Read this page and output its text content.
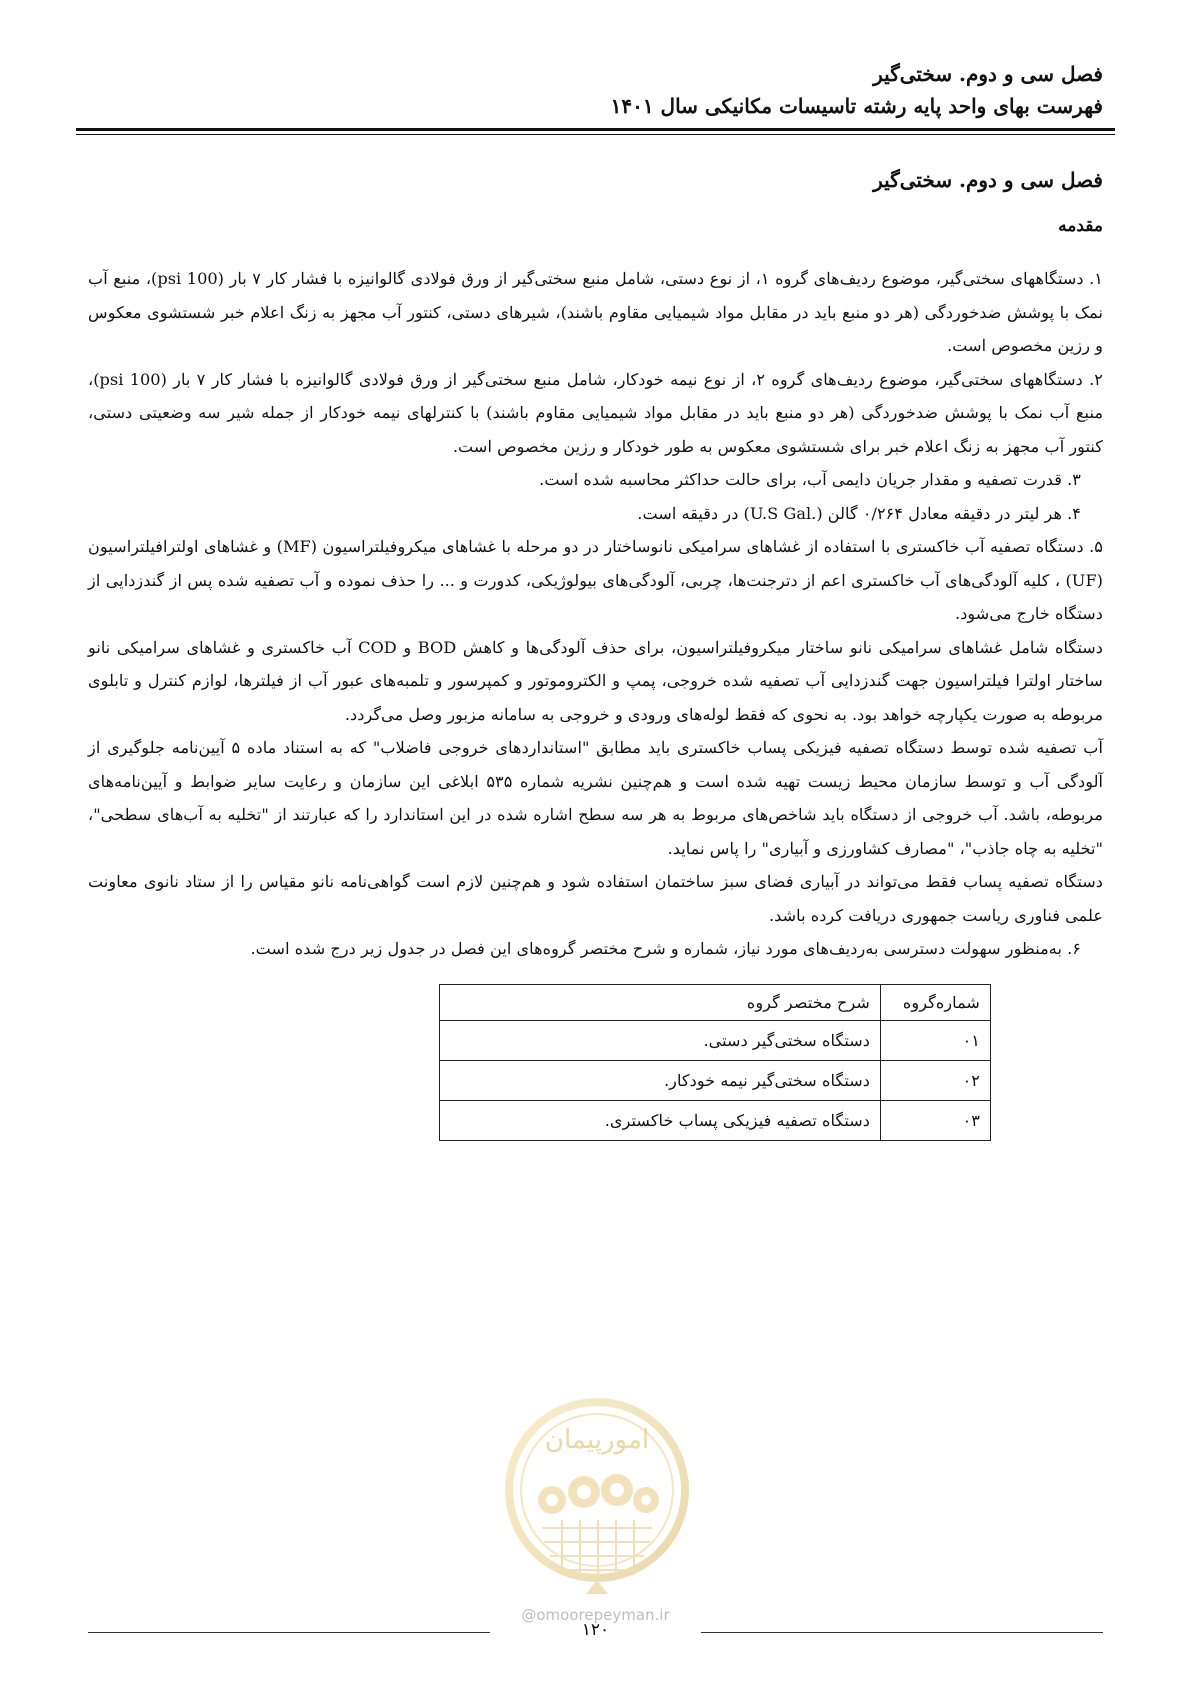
فصل سی و دوم. سختی‌گیر
فهرست بهای واحد پایه رشته تاسیسات مکانیکی سال ۱۴۰۱
فصل سی و دوم. سختی‌گیر
مقدمه

۱. دستگاههای سختی‌گیر، موضوع ردیف‌های گروه ۱، از نوع دستی، شامل منبع سختی‌گیر از ورق فولادی گالوانیزه با فشار کار ۷ بار (100 psi)، منبع آب نمک با پوشش ضدخوردگی (هر دو منبع باید در مقابل مواد شیمیایی مقاوم باشند)، شیرهای دستی، کنتور آب مجهز به زنگ اعلام خبر شستشوی معکوس و رزین مخصوص است.

۲. دستگاههای سختی‌گیر، موضوع ردیف‌های گروه ۲، از نوع نیمه خودکار، شامل منبع سختی‌گیر از ورق فولادی گالوانیزه با فشار کار ۷ بار (100 psi)، منبع آب نمک با پوشش ضدخوردگی (هر دو منبع باید در مقابل مواد شیمیایی مقاوم باشند) با کنترلهای نیمه خودکار از جمله شیر سه وضعیتی دستی، کنتور آب مجهز به زنگ اعلام خبر برای شستشوی معکوس به طور خودکار و رزین مخصوص است.

۳. قدرت تصفیه و مقدار جریان دایمی آب، برای حالت حداکثر محاسبه شده است.

۴. هر لیتر در دقیقه معادل ۰/۲۶۴ گالن (.U.S Gal) در دقیقه است.

۵. دستگاه تصفیه آب خاکستری با استفاده از غشاهای سرامیکی نانوساختار در دو مرحله با غشاهای میکروفیلتراسیون (MF) و غشاهای اولترافیلتراسیون (UF) ، کلیه آلودگی‌های آب خاکستری اعم از دترجنت‌ها، چربی، آلودگی‌های بیولوژیکی، کدورت و ... را حذف نموده و آب تصفیه شده پس از گندزدایی از دستگاه خارج می‌شود.

دستگاه شامل غشاهای سرامیکی نانو ساختار میکروفیلتراسیون، برای حذف آلودگی‌ها و کاهش BOD و COD آب خاکستری و غشاهای سرامیکی نانو ساختار اولترا فیلتراسیون جهت گندزدایی آب تصفیه شده خروجی، پمپ و الکتروموتور و کمپرسور و تلمبه‌های عبور آب از فیلترها، لوازم کنترل و تابلوی مربوطه به صورت یکپارچه خواهد بود. به نحوی که فقط لوله‌های ورودی و خروجی به سامانه مزبور وصل می‌گردد.

آب تصفیه شده توسط دستگاه تصفیه فیزیکی پساب خاکستری باید مطابق "استانداردهای خروجی فاضلاب" که به استناد ماده ۵ آیین‌نامه جلوگیری از آلودگی آب و توسط سازمان محیط زیست تهیه شده است و هم‌چنین نشریه شماره ۵۳۵ ابلاغی این سازمان و رعایت سایر ضوابط و آیین‌نامه‌های مربوطه، باشد. آب خروجی از دستگاه باید شاخص‌های مربوط به هر سه سطح اشاره شده در این استاندارد را که عبارتند از "تخلیه به آب‌های سطحی"، "تخلیه به چاه جاذب"، "مصارف کشاورزی و آبیاری" را پاس نماید.

دستگاه تصفیه پساب فقط می‌تواند در آبیاری فضای سبز ساختمان استفاده شود و هم‌چنین لازم است گواهی‌نامه نانو مقیاس را از ستاد نانوی معاونت علمی فناوری ریاست جمهوری دریافت کرده باشد.

۶. به‌منظور سهولت دسترسی به‌ردیف‌های مورد نیاز، شماره و شرح مختصر گروه‌های این فصل در جدول زیر درج شده است.

شماره‌گروه	شرح مختصر گروه
۰۱	دستگاه سختی‌گیر دستی.
۰۲	دستگاه سختی‌گیر نیمه خودکار.
۰۳	دستگاه تصفیه فیزیکی پساب خاکستری.
امورپیمان
@omoorepeyman.ir
۱۲۰
